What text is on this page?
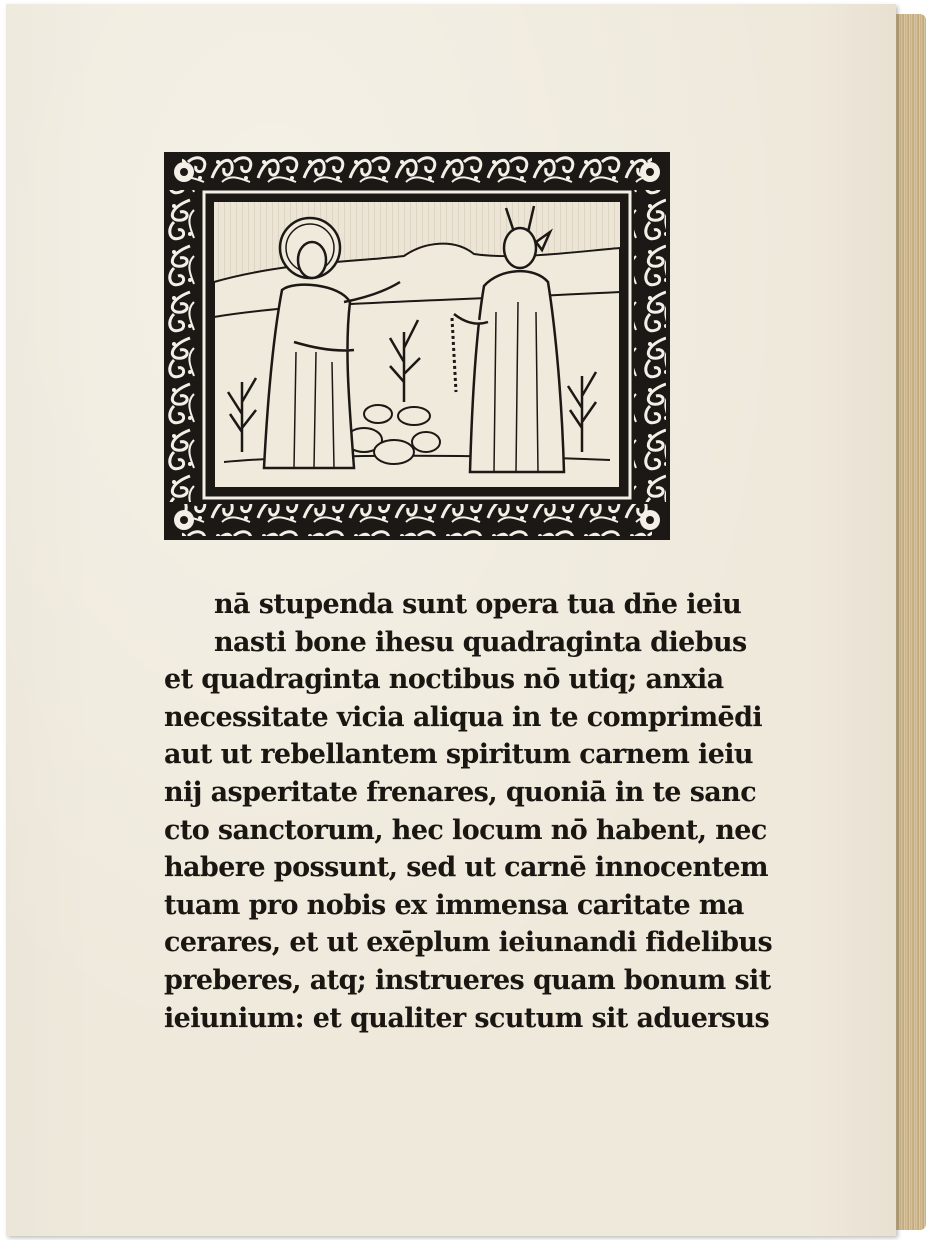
nā stupenda sunt opera tua dn̄e ieiu
nasti bone ihesu quadraginta diebus
et quadraginta noctibus nō utiq; anxia
necessitate vicia aliqua in te comprimēdi
aut ut rebellantem spiritum carnem ieiu
nij asperitate frenares, quoniā in te sanc
cto sanctorum, hec locum nō habent, nec
habere possunt, sed ut carnē innocentem
tuam pro nobis ex immensa caritate ma
cerares, et ut exēplum ieiunandi fidelibus
preberes, atq; instrueres quam bonum sit
ieiunium: et qualiter scutum sit aduersus
